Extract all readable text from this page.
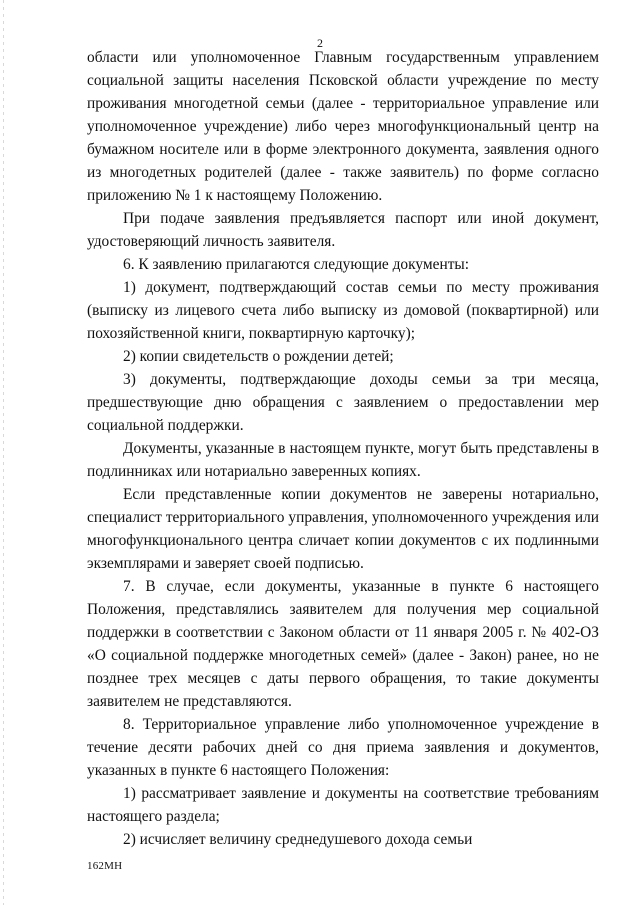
2

области или уполномоченное Главным государственным управлением социальной защиты населения Псковской области учреждение по месту проживания многодетной семьи (далее - территориальное управление или уполномоченное учреждение) либо через многофункциональный центр на бумажном носителе или в форме электронного документа, заявления одного из многодетных родителей (далее - также заявитель) по форме согласно приложению № 1 к настоящему Положению.

При подаче заявления предъявляется паспорт или иной документ, удостоверяющий личность заявителя.

6. К заявлению прилагаются следующие документы:

1) документ, подтверждающий состав семьи по месту проживания (выписку из лицевого счета либо выписку из домовой (поквартирной) или похозяйственной книги, поквартирную карточку);

2) копии свидетельств о рождении детей;

3) документы, подтверждающие доходы семьи за три месяца, предшествующие дню обращения с заявлением о предоставлении мер социальной поддержки.

Документы, указанные в настоящем пункте, могут быть представлены в подлинниках или нотариально заверенных копиях.

Если представленные копии документов не заверены нотариально, специалист территориального управления, уполномоченного учреждения или многофункционального центра сличает копии документов с их подлинными экземплярами и заверяет своей подписью.

7. В случае, если документы, указанные в пункте 6 настоящего Положения, представлялись заявителем для получения мер социальной поддержки в соответствии с Законом области от 11 января 2005 г. № 402-ОЗ «О социальной поддержке многодетных семей» (далее - Закон) ранее, но не позднее трех месяцев с даты первого обращения, то такие документы заявителем не представляются.

8. Территориальное управление либо уполномоченное учреждение в течение десяти рабочих дней со дня приема заявления и документов, указанных в пункте 6 настоящего Положения:

1) рассматривает заявление и документы на соответствие требованиям настоящего раздела;

2) исчисляет величину среднедушевого дохода семьи

162МН
